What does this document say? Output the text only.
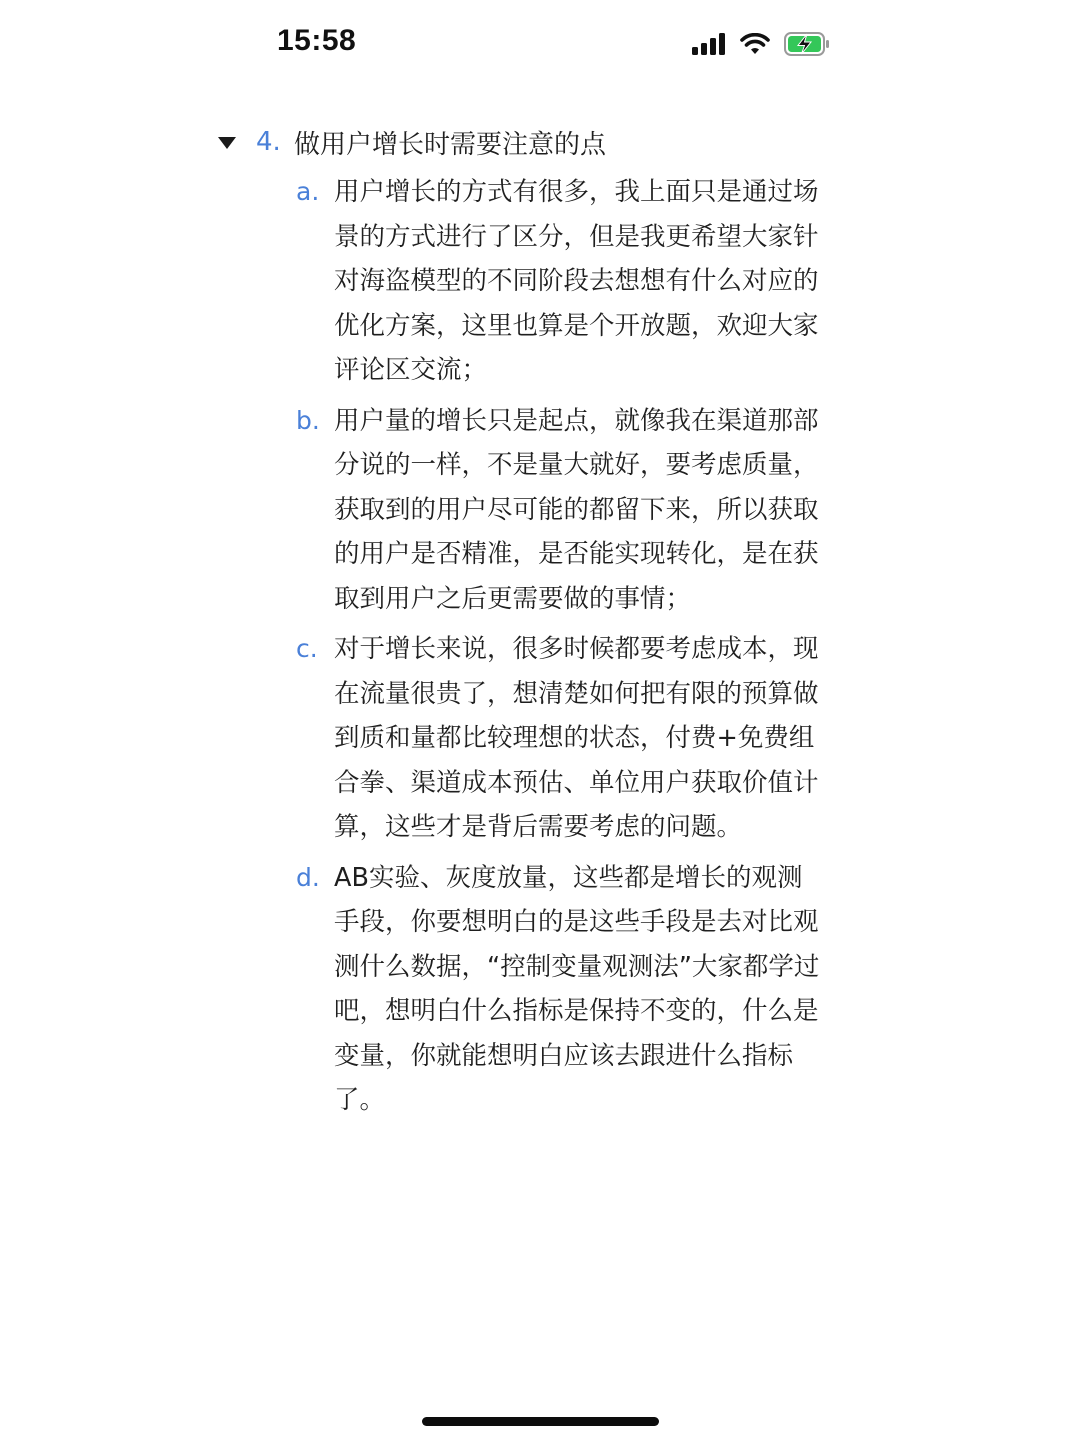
15:58
4. 做用户增长时需要注意的点
a. 用户增长的方式有很多，我上面只是通过场景的方式进行了区分，但是我更希望大家针对海盗模型的不同阶段去想想有什么对应的优化方案，这里也算是个开放题，欢迎大家评论区交流；
b. 用户量的增长只是起点，就像我在渠道那部分说的一样，不是量大就好，要考虑质量，获取到的用户尽可能的都留下来，所以获取的用户是否精准，是否能实现转化，是在获取到用户之后更需要做的事情；
c. 对于增长来说，很多时候都要考虑成本，现在流量很贵了，想清楚如何把有限的预算做到质和量都比较理想的状态，付费+免费组合拳、渠道成本预估、单位用户获取价值计算，这些才是背后需要考虑的问题。
d. AB实验、灰度放量，这些都是增长的观测手段，你要想明白的是这些手段是去对比观测什么数据，“控制变量观测法”大家都学过吧，想明白什么指标是保持不变的，什么是变量，你就能想明白应该去跟进什么指标了。
